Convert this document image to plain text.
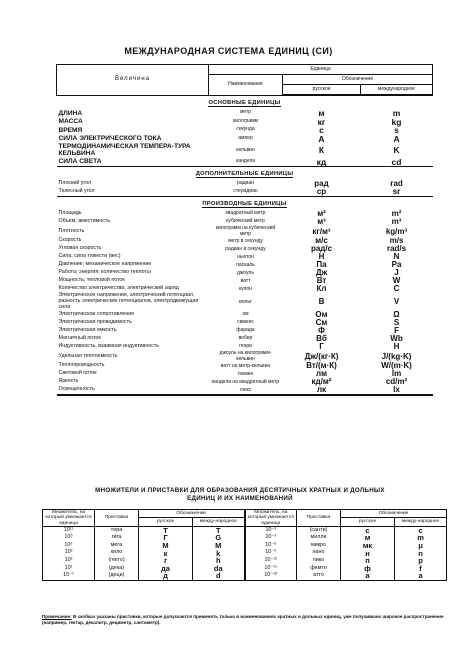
МЕЖДУНАРОДНАЯ СИСТЕМА ЕДИНИЦ (СИ)
Величина	Единица		
	Наименование	Обозначение	
		русское	международное
ОСНОВНЫЕ ЕДИНИЦЫ			
ДЛИНА	метр	м	m
МАССА	килограмм	кг	kg
ВРЕМЯ	секунда	с	s
СИЛА ЭЛЕКТРИЧЕСКОГО ТОКА	ампер	А	A
ТЕРМОДИНАМИЧЕСКАЯ ТЕМПЕРА-ТУРА КЕЛЬВИНА	кельвин	К	K
СИЛА СВЕТА	кандела	кд	cd

ДОПОЛНИТЕЛЬНЫЕ ЕДИНИЦЫ			
Плоский угол	радиан	рад	rad
Телесный угол	стерадиан	ср	sr

ПРОИЗВОДНЫЕ ЕДИНИЦЫ			
Площадь	квадратный метр	м²	m²
Объем, вместимость	кубический метр	м³	m³
Плотность	килограмм на кубический метр	кг/м³	kg/m³
Скорость	метр в секунду	м/с	m/s
Угловая скорость	радиан в секунду	рад/с	rad/s
Сила; сила тяжести (вес)	ньютон	Н	N
Давление; механическое напряжение	паскаль	Па	Pa
Работа; энергия; количество теплоты	джоуль	Дж	J
Мощность; тепловой поток	ватт	Вт	W
Количество электричества; электрический заряд	кулон	Кл	C
Электрическое напряжение, электрический потенциал, разность электрических потенциалов, электродвижущая сила	вольт	В	V
Электрическое сопротивление	ом	Ом	Ω
Электрическая проводимость	сименс	См	S
Электрическая емкость	фарада	Ф	F
Магнитный поток	вебер	Вб	Wb
Индуктивность, взаимная индуктивность	генри	Г	H
Удельная теплоемкость	джоуль на килограмм-кельвин	Дж/(кг·К)	J/(kg·K)
Теплопроводность	ватт на метр-кельвин	Вт/(м·К)	W/(m·K)
Световой поток	люмен	лм	lm
Яркость	кандела на квадратный метр	кд/м²	cd/m²
Освещенность	люкс	лк	lx

МНОЖИТЕЛИ И ПРИСТАВКИ ДЛЯ ОБРАЗОВАНИЯ ДЕСЯТИЧНЫХ КРАТНЫХ И ДОЛЬНЫХ
ЕДИНИЦ И ИХ НАИМЕНОВАНИЙ
Множитель, на который умножается единица	Приставка	Обозначение		Множитель, на который умножается единица	Приставка	Обозначение	
		русское	между-народное			русское	между-народное
10¹²	тера	Т	T	10⁻²	(санти)	с	c
10⁹	гига	Г	G	10⁻³	милли	м	m
10⁶	мега	М	M	10⁻⁶	микро	мк	μ
10³	кило	к	k	10⁻⁹	нано	н	n
10²	(гекто)	г	h	10⁻¹²	пико	п	p
10¹	(дека)	да	da	10⁻¹⁵	фемто	ф	f
10⁻¹	(деци)	д	d	10⁻¹⁸	атто	а	a
Примечание: В скобках указаны приставки, которые допускается применять только в наименованиях кратных и дольных единиц, уже получивших широкое распространение (например, гектар, декалитр, дециметр, сантиметр).
